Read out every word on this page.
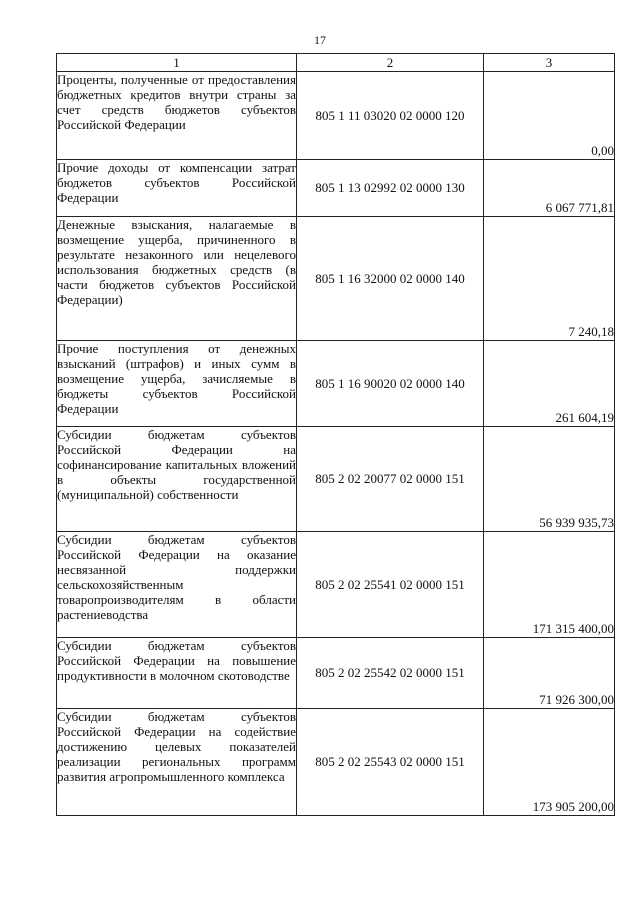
17
1	2	3
Проценты, полученные от предоставления бюджетных кредитов внутри страны за счет средств бюджетов субъектов Российской Федерации	805 1 11 03020 02 0000 120	0,00
Прочие доходы от компенсации затрат бюджетов субъектов Российской Федерации	805 1 13 02992 02 0000 130	6 067 771,81
Денежные взыскания, налагаемые в возмещение ущерба, причиненного в результате незаконного или нецелевого использования бюджетных средств (в части бюджетов субъектов Российской Федерации)	805 1 16 32000 02 0000 140	7 240,18
Прочие поступления от денежных взысканий (штрафов) и иных сумм в возмещение ущерба, зачисляемые в бюджеты субъектов Российской Федерации	805 1 16 90020 02 0000 140	261 604,19
Субсидии бюджетам субъектов Российской Федерации на софинансирование капитальных вложений в объекты государственной (муниципальной) собственности	805 2 02 20077 02 0000 151	56 939 935,73
Субсидии бюджетам субъектов Российской Федерации на оказание несвязанной поддержки сельскохозяйственным товаропроизводителям в области растениеводства	805 2 02 25541 02 0000 151	171 315 400,00
Субсидии бюджетам субъектов Российской Федерации на повышение продуктивности в молочном скотоводстве	805 2 02 25542 02 0000 151	71 926 300,00
Субсидии бюджетам субъектов Российской Федерации на содействие достижению целевых показателей реализации региональных программ развития агропромышленного комплекса	805 2 02 25543 02 0000 151	173 905 200,00
